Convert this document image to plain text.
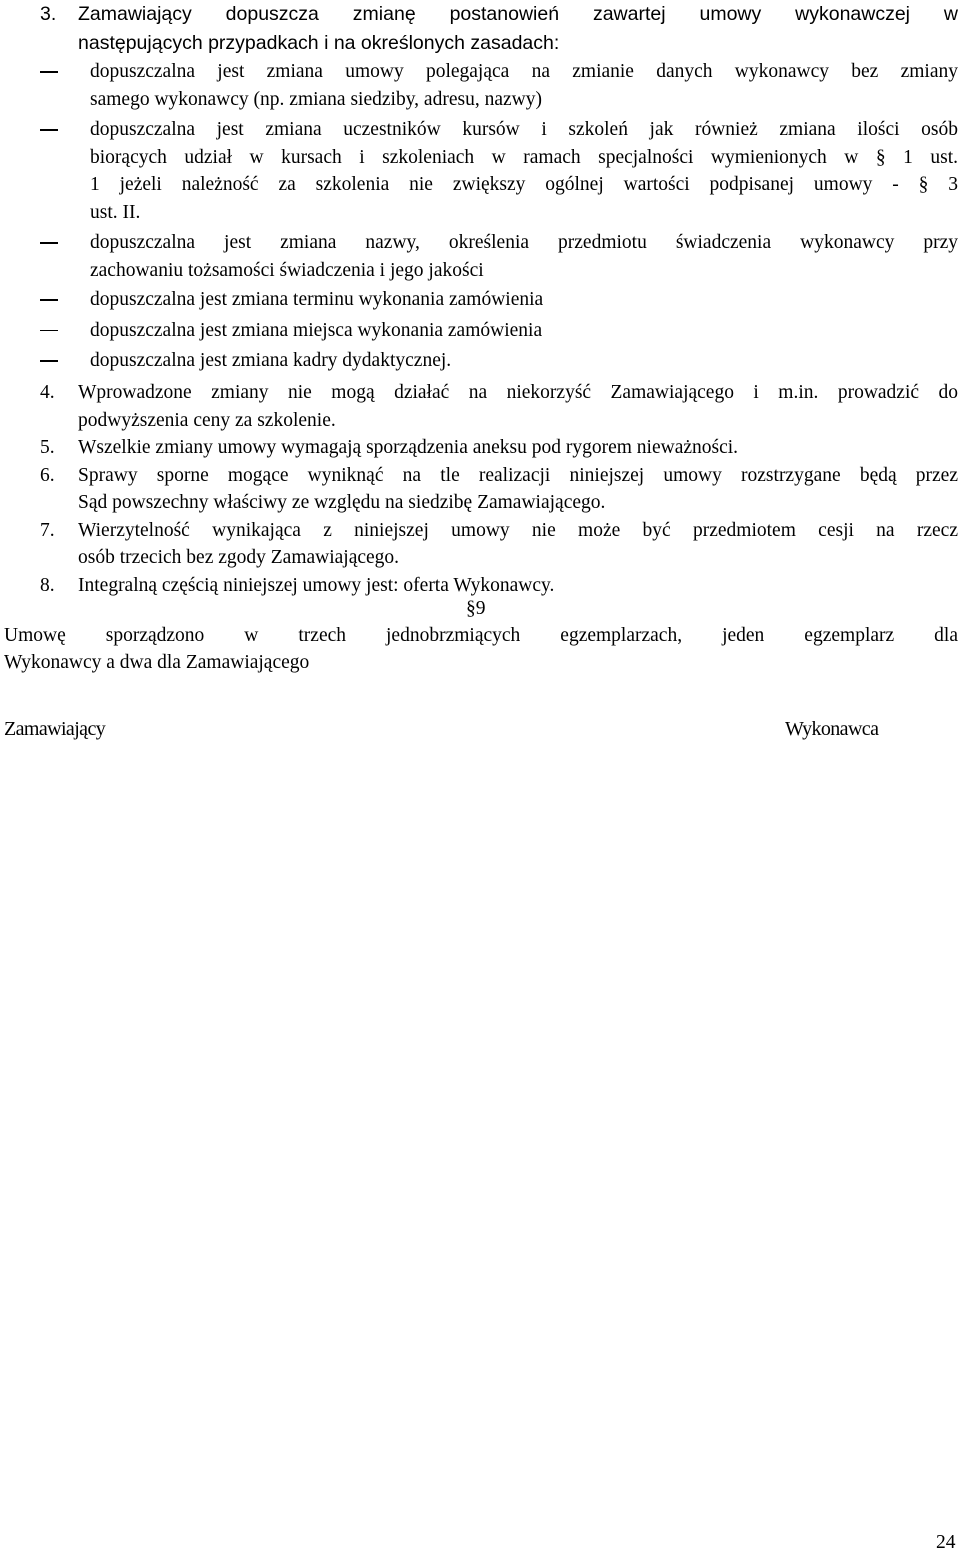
3. Zamawiający dopuszcza zmianę postanowień zawartej umowy wykonawczej w
następujących przypadkach i na określonych zasadach:
dopuszczalna jest zmiana umowy polegająca na zmianie danych wykonawcy bez zmiany
samego wykonawcy (np. zmiana siedziby, adresu, nazwy)
dopuszczalna jest zmiana uczestników kursów i szkoleń jak również zmiana ilości osób
biorących udział w kursach i szkoleniach w ramach specjalności wymienionych w § 1 ust.
1 jeżeli należność za szkolenia nie zwiększy ogólnej wartości podpisanej umowy - § 3
ust. II.
dopuszczalna jest zmiana nazwy, określenia przedmiotu świadczenia wykonawcy przy
zachowaniu tożsamości świadczenia i jego jakości
dopuszczalna jest zmiana terminu wykonania zamówienia
dopuszczalna jest zmiana miejsca wykonania zamówienia
dopuszczalna jest zmiana kadry dydaktycznej.
4. Wprowadzone zmiany nie mogą działać na niekorzyść Zamawiającego i m.in. prowadzić do
podwyższenia ceny za szkolenie.
5. Wszelkie zmiany umowy wymagają sporządzenia aneksu pod rygorem nieważności.
6. Sprawy sporne mogące wyniknąć na tle realizacji niniejszej umowy rozstrzygane będą przez
Sąd powszechny właściwy ze względu na siedzibę Zamawiającego.
7. Wierzytelność wynikająca z niniejszej umowy nie może być przedmiotem cesji na rzecz
osób trzecich bez zgody Zamawiającego.
8. Integralną częścią niniejszej umowy jest: oferta Wykonawcy.
§9
Umowę sporządzono w trzech jednobrzmiących egzemplarzach, jeden egzemplarz dla
Wykonawcy a dwa dla Zamawiającego
Zamawiający	Wykonawca
24
